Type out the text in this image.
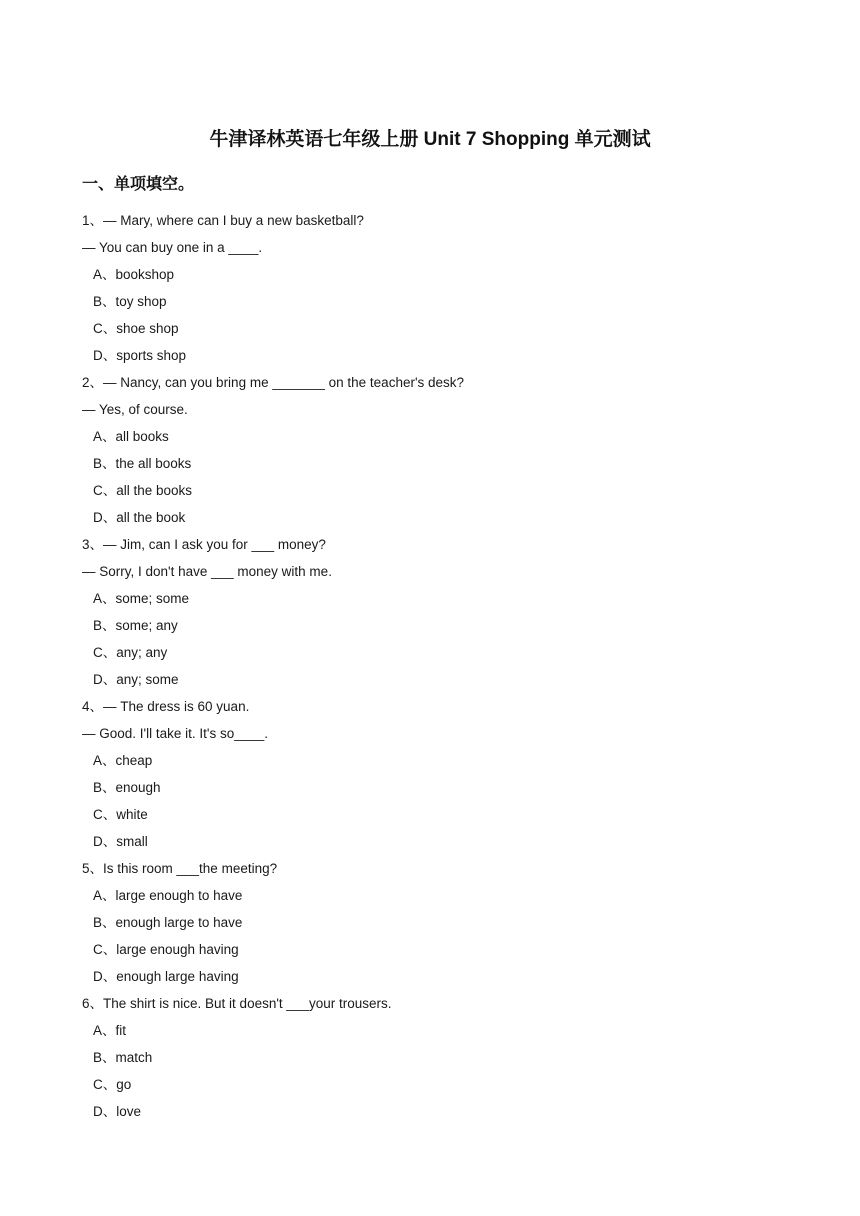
牛津译林英语七年级上册 Unit 7 Shopping 单元测试
一、单项填空。
1、— Mary, where can I buy a new basketball?
— You can buy one in a ____.
A、bookshop
B、toy shop
C、shoe shop
D、sports shop
2、— Nancy, can you bring me _______ on the teacher's desk?
— Yes, of course.
A、all books
B、the all books
C、all the books
D、all the book
3、— Jim, can I ask you for ___ money?
— Sorry, I don't have ___ money with me.
A、some; some
B、some; any
C、any; any
D、any; some
4、— The dress is 60 yuan.
— Good. I'll take it. It's so____.
A、cheap
B、enough
C、white
D、small
5、Is this room ___the meeting?
A、large enough to have
B、enough large to have
C、large enough having
D、enough large having
6、The shirt is nice. But it doesn't ___your trousers.
A、fit
B、match
C、go
D、love
